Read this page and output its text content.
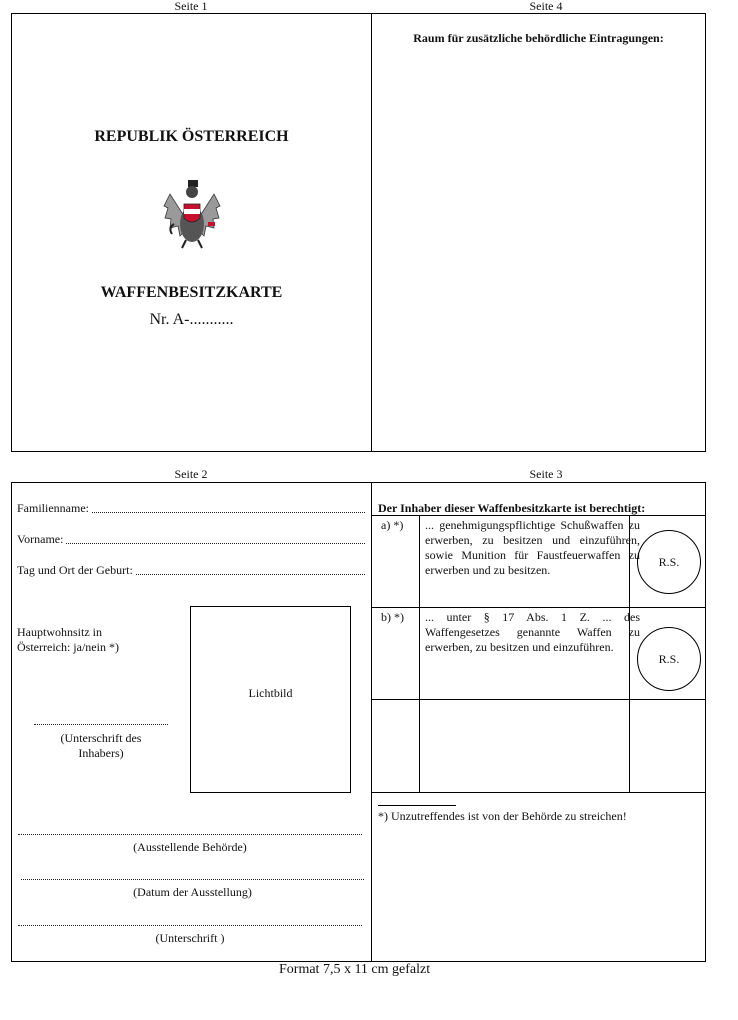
Seite 1	Seite 4
Seite 2	Seite 3
REPUBLIK ÖSTERREICH
WAFFENBESITZKARTE
Nr. A-...........
Raum für zusätzliche behördliche Eintragungen:
Familienname:
Vorname:
Tag und Ort der Geburt:
Hauptwohnsitz in
Österreich: ja/nein *)
Lichtbild
(Unterschrift des
Inhabers)
(Ausstellende Behörde)
(Datum der Ausstellung)
(Unterschrift )
Der Inhaber dieser Waffenbesitzkarte ist berechtigt:
a) *) ... genehmigungspflichtige Schußwaffen zu erwerben, zu besitzen und einzuführen, sowie Munition für Faustfeuerwaffen zu erwerben und zu besitzen.
R.S.
b) *) ... unter § 17 Abs. 1 Z. ... des Waffengesetzes genannte Waffen zu erwerben, zu besitzen und einzuführen.
R.S.
*) Unzutreffendes ist von der Behörde zu streichen!
Format 7,5 x 11 cm gefalzt
